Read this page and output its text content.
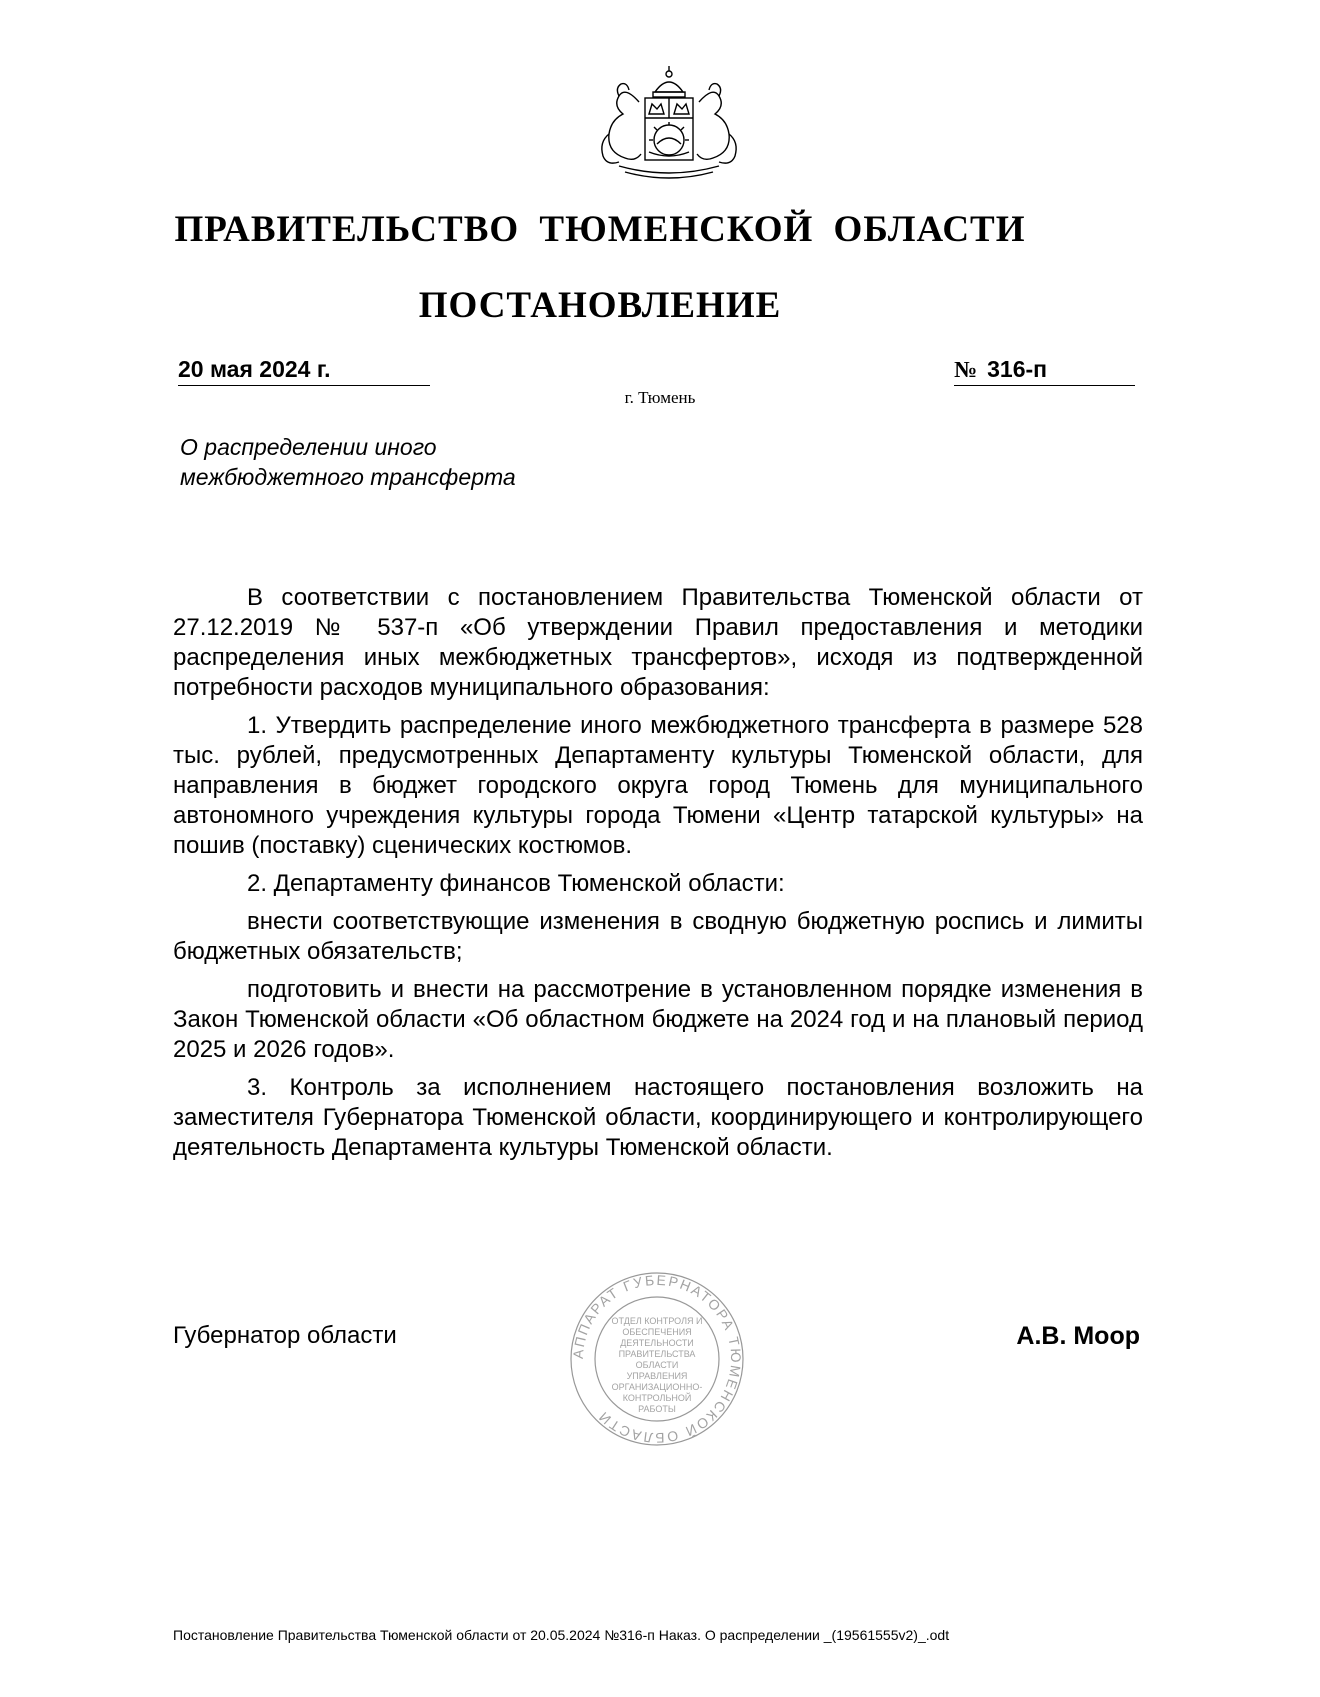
ПРАВИТЕЛЬСТВО ТЮМЕНСКОЙ ОБЛАСТИ
ПОСТАНОВЛЕНИЕ
20 мая 2024 г.	№ 316-п
г. Тюмень
О распределении иного
межбюджетного трансферта

В соответствии с постановлением Правительства Тюменской области от 27.12.2019 № 537-п «Об утверждении Правил предоставления и методики распределения иных межбюджетных трансфертов», исходя из подтвержденной потребности расходов муниципального образования:

1. Утвердить распределение иного межбюджетного трансферта в размере 528 тыс. рублей, предусмотренных Департаменту культуры Тюменской области, для направления в бюджет городского округа город Тюмень для муниципального автономного учреждения культуры города Тюмени «Центр татарской культуры» на пошив (поставку) сценических костюмов.

2. Департаменту финансов Тюменской области:

внести соответствующие изменения в сводную бюджетную роспись и лимиты бюджетных обязательств;

подготовить и внести на рассмотрение в установленном порядке изменения в Закон Тюменской области «Об областном бюджете на 2024 год и на плановый период 2025 и 2026 годов».

3. Контроль за исполнением настоящего постановления возложить на заместителя Губернатора Тюменской области, координирующего и контролирующего деятельность Департамента культуры Тюменской области.

Губернатор области
АППАРАТ ГУБЕРНАТОРА ТЮМЕНСКОЙ ОБЛАСТИ
ОТДЕЛ КОНТРОЛЯ И ОБЕСПЕЧЕНИЯ ДЕЯТЕЛЬНОСТИ ПРАВИТЕЛЬСТВА ОБЛАСТИ УПРАВЛЕНИЯ ОРГАНИЗАЦИОННО-КОНТРОЛЬНОЙ РАБОТЫ
А.В. Моор
Постановление Правительства Тюменской области от 20.05.2024 №316-п Наказ. О распределении _(19561555v2)_.odt
